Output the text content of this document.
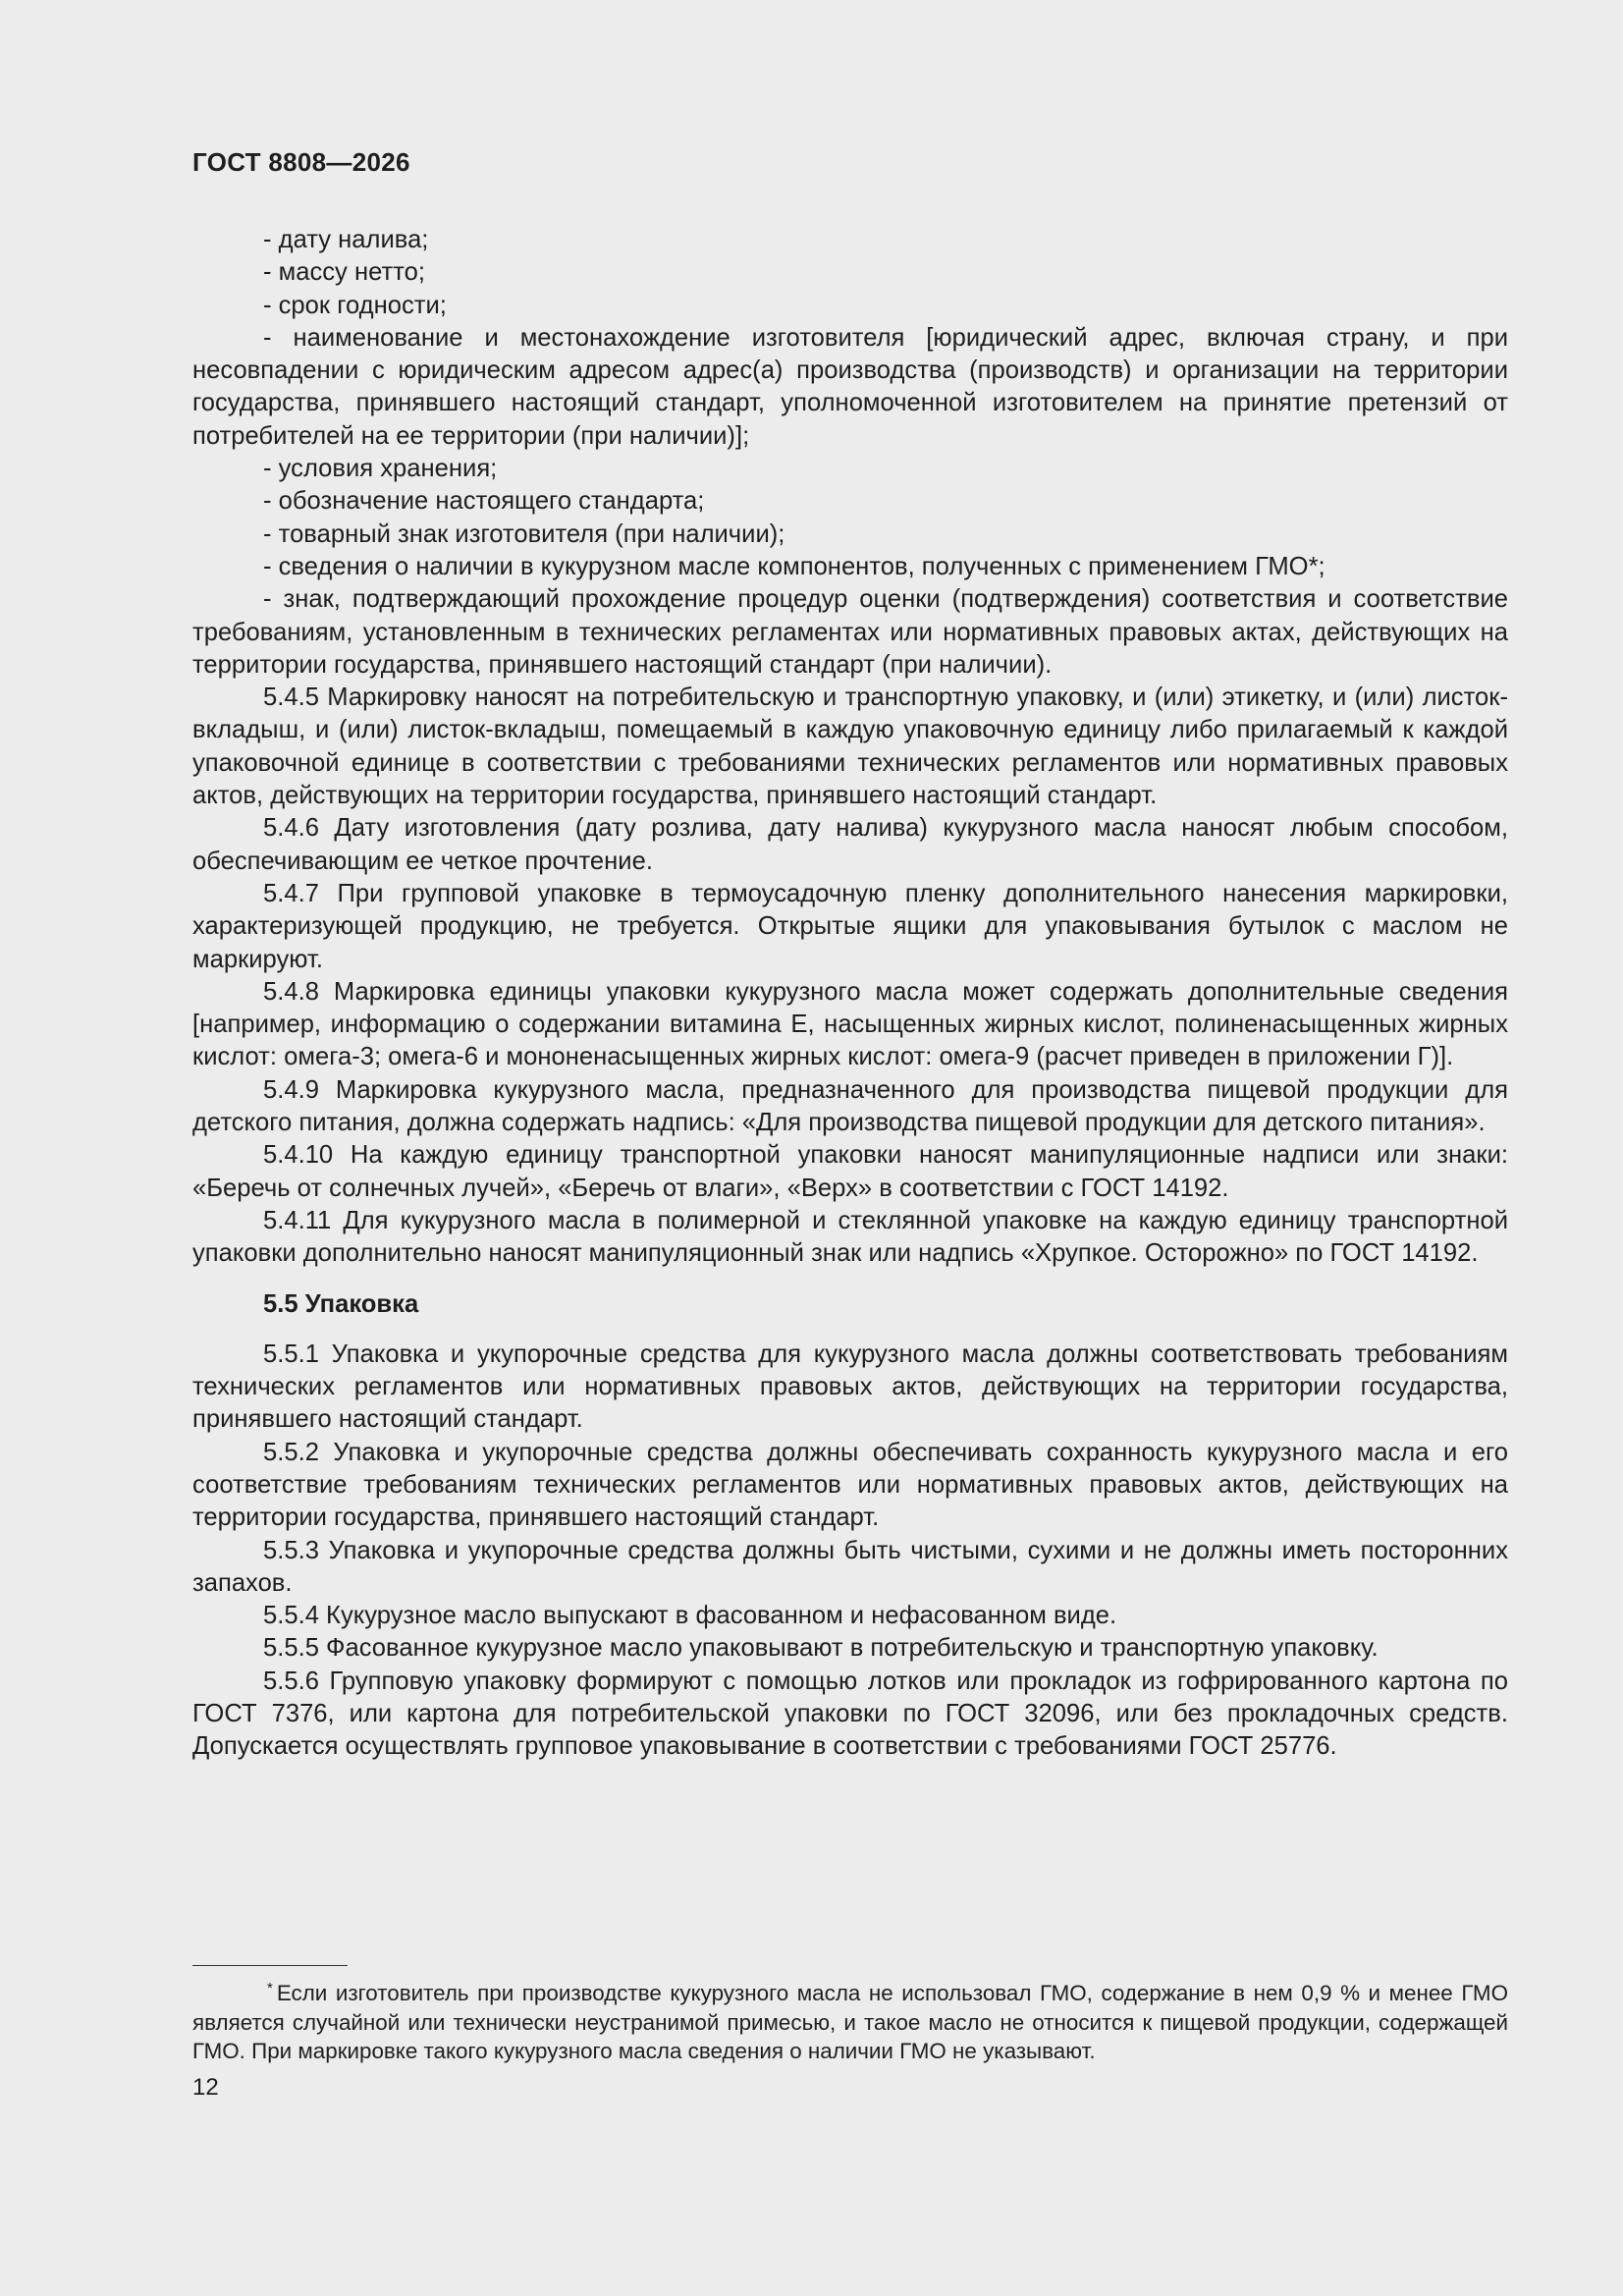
ГОСТ 8808—2026

- дату налива;

- массу нетто;

- срок годности;

- наименование и местонахождение изготовителя [юридический адрес, включая страну, и при несовпадении с юридическим адресом адрес(а) производства (производств) и организации на территории государства, принявшего настоящий стандарт, уполномоченной изготовителем на принятие претензий от потребителей на ее территории (при наличии)];

- условия хранения;

- обозначение настоящего стандарта;

- товарный знак изготовителя (при наличии);

- сведения о наличии в кукурузном масле компонентов, полученных с применением ГМО*;

- знак, подтверждающий прохождение процедур оценки (подтверждения) соответствия и соответствие требованиям, установленным в технических регламентах или нормативных правовых актах, действующих на территории государства, принявшего настоящий стандарт (при наличии).

5.4.5 Маркировку наносят на потребительскую и транспортную упаковку, и (или) этикетку, и (или) листок-вкладыш, и (или) листок-вкладыш, помещаемый в каждую упаковочную единицу либо прилагаемый к каждой упаковочной единице в соответствии с требованиями технических регламентов или нормативных правовых актов, действующих на территории государства, принявшего настоящий стандарт.

5.4.6 Дату изготовления (дату розлива, дату налива) кукурузного масла наносят любым способом, обеспечивающим ее четкое прочтение.

5.4.7 При групповой упаковке в термоусадочную пленку дополнительного нанесения маркировки, характеризующей продукцию, не требуется. Открытые ящики для упаковывания бутылок с маслом не маркируют.

5.4.8 Маркировка единицы упаковки кукурузного масла может содержать дополнительные сведения [например, информацию о содержании витамина Е, насыщенных жирных кислот, полиненасыщенных жирных кислот: омега-3; омега-6 и мононенасыщенных жирных кислот: омега-9 (расчет приведен в приложении Г)].

5.4.9 Маркировка кукурузного масла, предназначенного для производства пищевой продукции для детского питания, должна содержать надпись: «Для производства пищевой продукции для детского питания».

5.4.10 На каждую единицу транспортной упаковки наносят манипуляционные надписи или знаки: «Беречь от солнечных лучей», «Беречь от влаги», «Верх» в соответствии с ГОСТ 14192.

5.4.11 Для кукурузного масла в полимерной и стеклянной упаковке на каждую единицу транспортной упаковки дополнительно наносят манипуляционный знак или надпись «Хрупкое. Осторожно» по ГОСТ 14192.

5.5 Упаковка

5.5.1 Упаковка и укупорочные средства для кукурузного масла должны соответствовать требованиям технических регламентов или нормативных правовых актов, действующих на территории государства, принявшего настоящий стандарт.

5.5.2 Упаковка и укупорочные средства должны обеспечивать сохранность кукурузного масла и его соответствие требованиям технических регламентов или нормативных правовых актов, действующих на территории государства, принявшего настоящий стандарт.

5.5.3 Упаковка и укупорочные средства должны быть чистыми, сухими и не должны иметь посторонних запахов.

5.5.4 Кукурузное масло выпускают в фасованном и нефасованном виде.

5.5.5 Фасованное кукурузное масло упаковывают в потребительскую и транспортную упаковку.

5.5.6 Групповую упаковку формируют с помощью лотков или прокладок из гофрированного картона по ГОСТ 7376, или картона для потребительской упаковки по ГОСТ 32096, или без прокладочных средств. Допускается осуществлять групповое упаковывание в соответствии с требованиями ГОСТ 25776.

* Если изготовитель при производстве кукурузного масла не использовал ГМО, содержание в нем 0,9 % и менее ГМО является случайной или технически неустранимой примесью, и такое масло не относится к пищевой продукции, содержащей ГМО. При маркировке такого кукурузного масла сведения о наличии ГМО не указывают.
12
